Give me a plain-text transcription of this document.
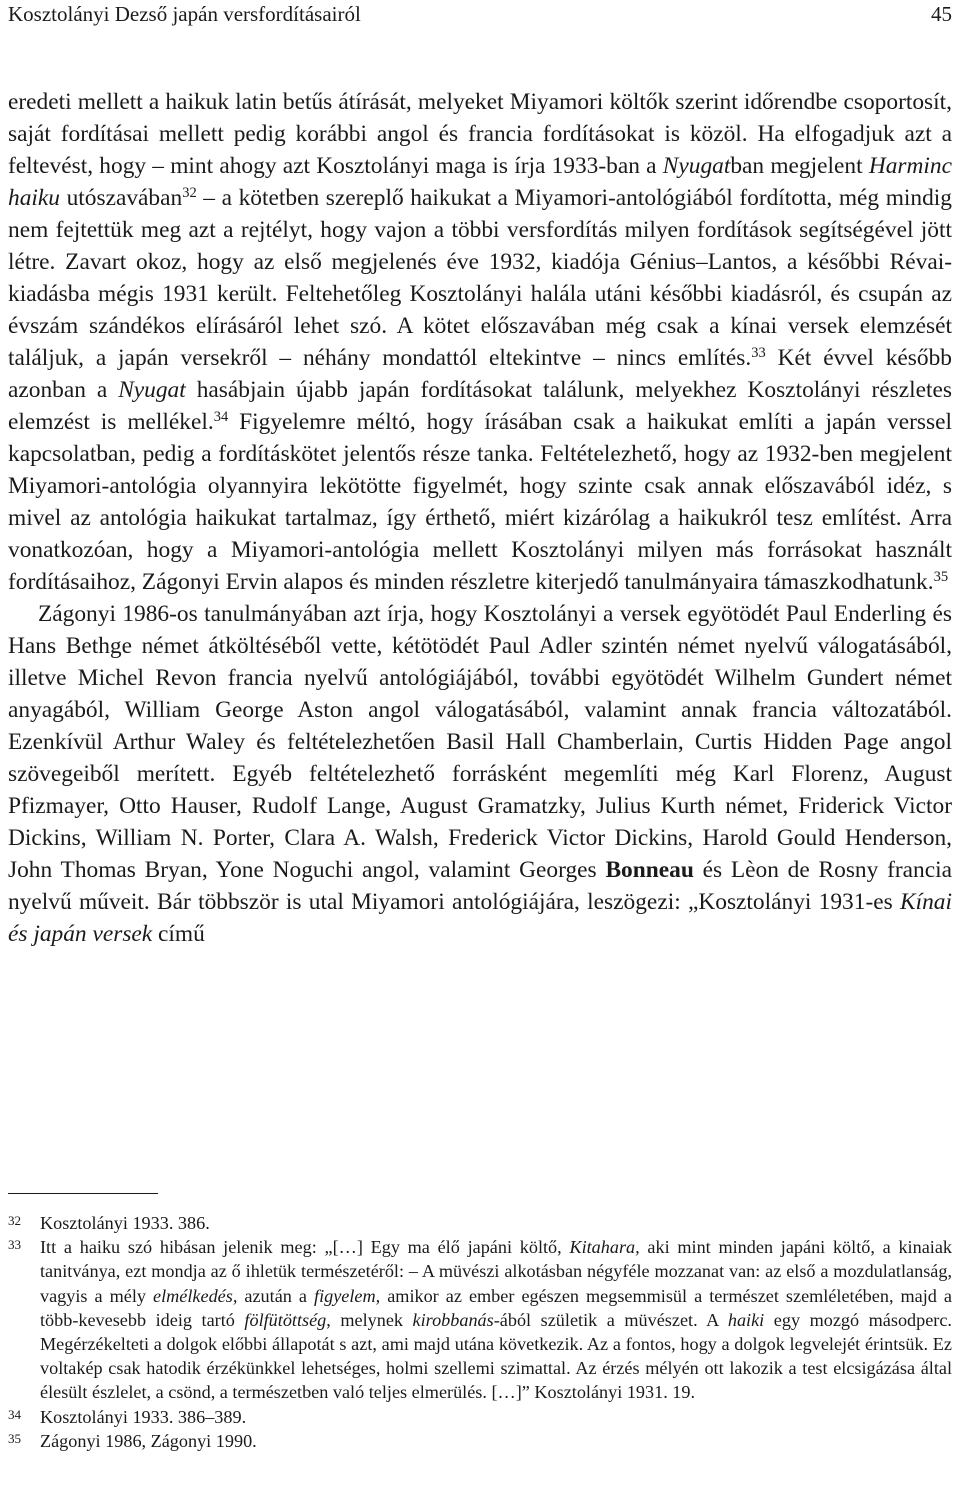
Kosztolányi Dezső japán versfordításairól	45

eredeti mellett a haikuk latin betűs átírását, melyeket Miyamori költők szerint időrendbe csoportosít, saját fordításai mellett pedig korábbi angol és francia fordításokat is közöl. Ha elfogadjuk azt a feltevést, hogy – mint ahogy azt Kosztolányi maga is írja 1933-ban a Nyugatban megjelent Harminc haiku utószavában$^{32}$ – a kötetben szereplő haikukat a Miyamori-antológiából fordította, még mindig nem fejtettük meg azt a rejtélyt, hogy vajon a többi versfordítás milyen fordítások segítségével jött létre. Zavart okoz, hogy az első megjelenés éve 1932, kiadója Génius–Lantos, a későbbi Révai-kiadásba mégis 1931 került. Feltehetőleg Kosztolányi halála utáni későbbi kiadásról, és csupán az évszám szándékos elírásáról lehet szó. A kötet előszavában még csak a kínai versek elemzését találjuk, a japán versekről – néhány mondattól eltekintve – nincs említés.$^{33}$ Két évvel később azonban a Nyugat hasábjain újabb japán fordításokat találunk, melyekhez Kosztolányi részletes elemzést is mellékel.$^{34}$ Figyelemre méltó, hogy írásában csak a haikukat említi a japán verssel kapcsolatban, pedig a fordításkötet jelentős része tanka. Feltételezhető, hogy az 1932-ben megjelent Miyamori-antológia olyannyira lekötötte figyelmét, hogy szinte csak annak előszavából idéz, s mivel az antológia haikukat tartalmaz, így érthető, miért kizárólag a haikukról tesz említést. Arra vonatkozóan, hogy a Miyamori-antológia mellett Kosztolányi milyen más forrásokat használt fordításaihoz, Zágonyi Ervin alapos és minden részletre kiterjedő tanulmányaira támaszkodhatunk.$^{35}$

Zágonyi 1986-os tanulmányában azt írja, hogy Kosztolányi a versek egyötödét Paul Enderling és Hans Bethge német átköltéséből vette, kétötödét Paul Adler szintén német nyelvű válogatásából, illetve Michel Revon francia nyelvű antológiájából, további egyötödét Wilhelm Gundert német anyagából, William George Aston angol válogatásából, valamint annak francia változatából. Ezenkívül Arthur Waley és feltételezhetően Basil Hall Chamberlain, Curtis Hidden Page angol szövegeiből merített. Egyéb feltételezhető forrásként megemlíti még Karl Florenz, August Pfizmayer, Otto Hauser, Rudolf Lange, August Gramatzky, Julius Kurth német, Friderick Victor Dickins, William N. Porter, Clara A. Walsh, Frederick Victor Dickins, Harold Gould Henderson, John Thomas Bryan, Yone Noguchi angol, valamint Georges Bonneau és Lèon de Rosny francia nyelvű műveit. Bár többször is utal Miyamori antológiájára, leszögezi: „Kosztolányi 1931-es Kínai és japán versek című

$^{32}$	Kosztolányi 1933. 386.
$^{33}$	Itt a haiku szó hibásan jelenik meg: „[…] Egy ma élő japáni költő, Kitahara, aki mint minden japáni költő, a kinaiak tanitványa, ezt mondja az ő ihletük természetéről: – A müvészi alkotásban négyféle mozzanat van: az első a mozdulatlanság, vagyis a mély elmélkedés, azután a figyelem, amikor az ember egészen megsemmisül a természet szemléletében, majd a több-kevesebb ideig tartó fölfütöttség, melynek kirobbanás-ából születik a müvészet. A haiki egy mozgó másodperc. Megérzékelteti a dolgok előbbi állapotát s azt, ami majd utána következik. Az a fontos, hogy a dolgok legvelejét érintsük. Ez voltakép csak hatodik érzékünkkel lehetséges, holmi szellemi szimattal. Az érzés mélyén ott lakozik a test elcsigázása által élesült észlelet, a csönd, a természetben való teljes elmerülés. […]” Kosztolányi 1931. 19.
$^{34}$	Kosztolányi 1933. 386–389.
$^{35}$	Zágonyi 1986, Zágonyi 1990.
